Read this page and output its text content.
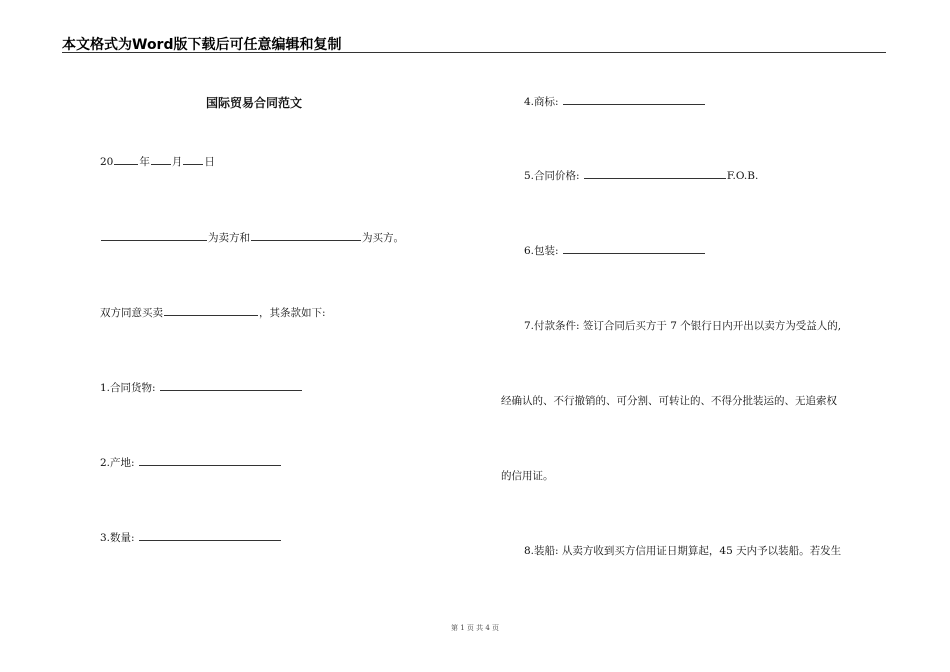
本文格式为Word版下载后可任意编辑和复制
国际贸易合同范文
20 年 月 日
为卖方和	为买方。
双方同意买卖	，其条款如下:
1.合同货物:
2.产地:
3.数量:
4.商标:
5.合同价格:	F.O.B.
6.包装:
7.付款条件: 签订合同后买方于 7 个银行日内开出以卖方为受益人的,
经确认的、不行撤销的、可分割、可转让的、不得分批装运的、无追索权
的信用证。
8.装船: 从卖方收到买方信用证日期算起，45 天内予以装船。若发生
第 1 页 共 4 页
